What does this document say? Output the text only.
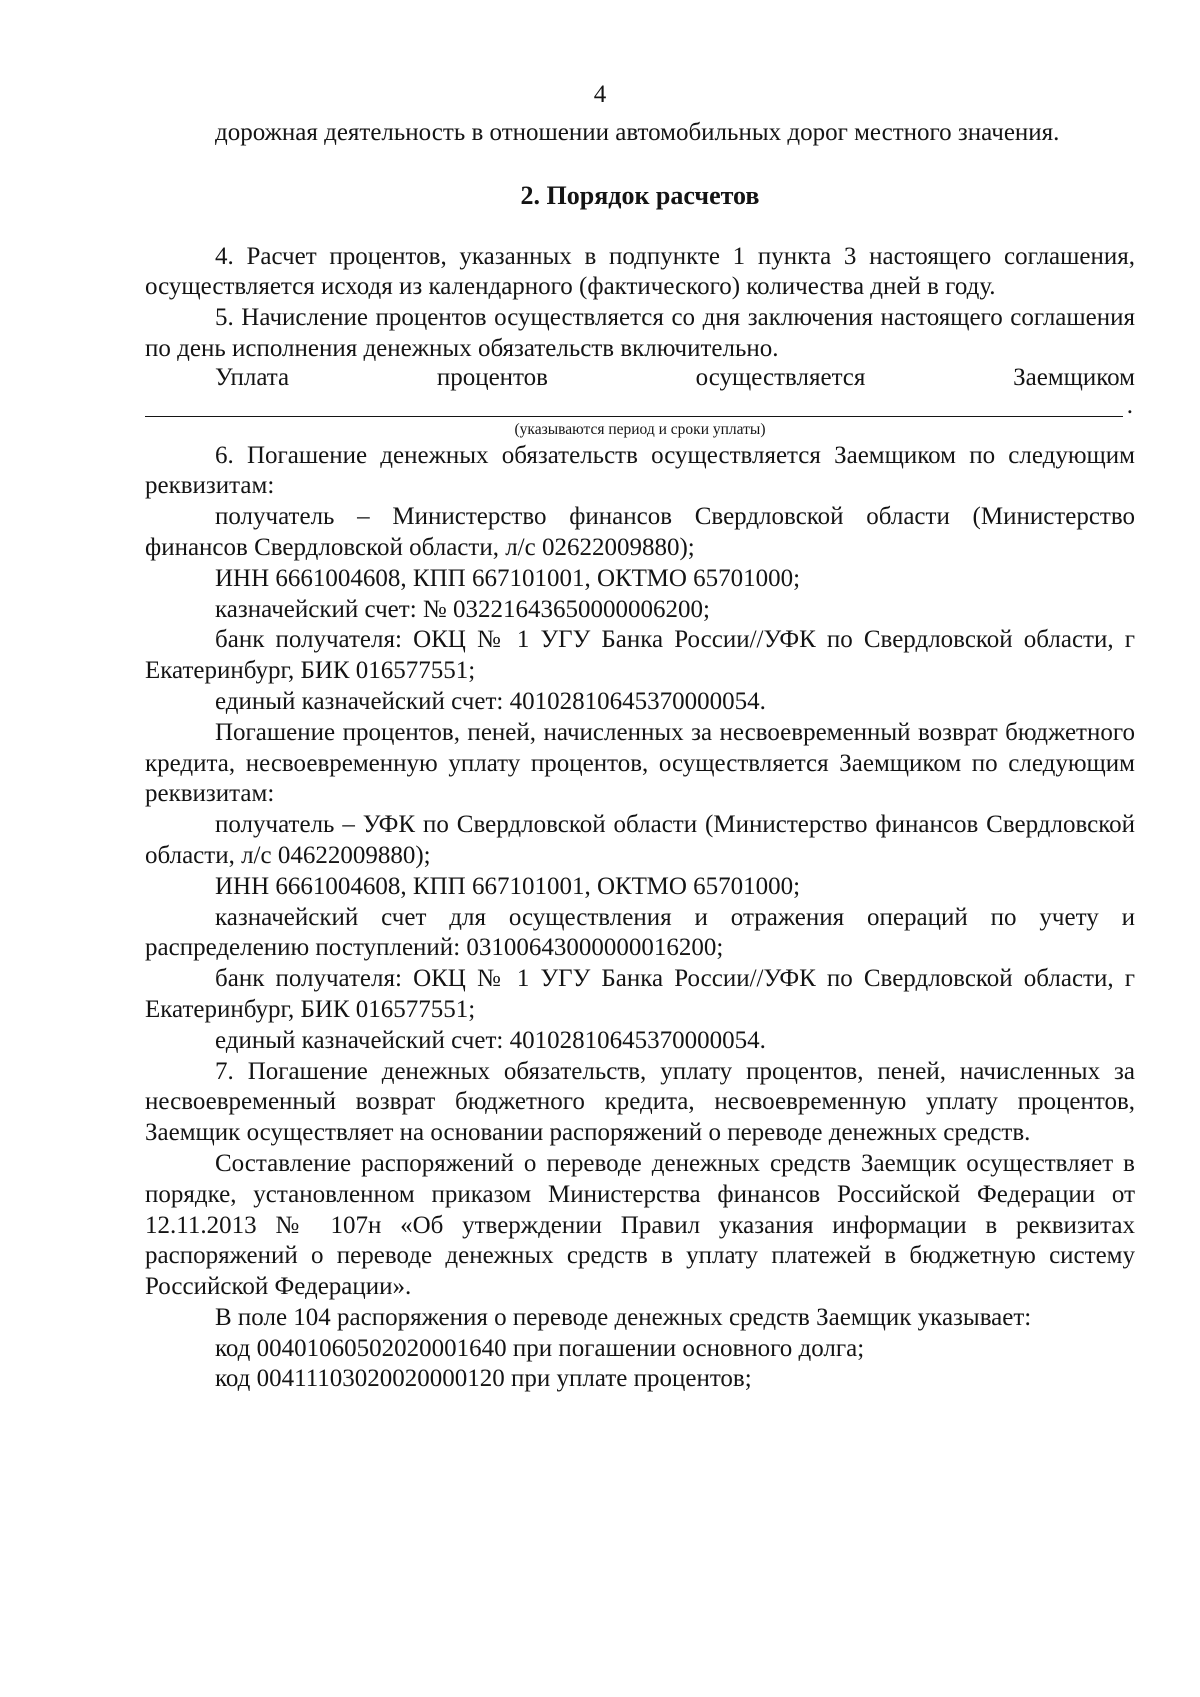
4

дорожная деятельность в отношении автомобильных дорог местного значения.

2. Порядок расчетов

4. Расчет процентов, указанных в подпункте 1 пункта 3 настоящего соглашения, осуществляется исходя из календарного (фактического) количества дней в году.

5. Начисление процентов осуществляется со дня заключения настоящего соглашения по день исполнения денежных обязательств включительно.

Уплата	процентов	осуществляется	Заемщиком
.
(указываются период и сроки уплаты)

6. Погашение денежных обязательств осуществляется Заемщиком по следующим реквизитам:

получатель – Министерство финансов Свердловской области (Министерство финансов Свердловской области, л/с 02622009880);

ИНН 6661004608, КПП 667101001, ОКТМО 65701000;

казначейский счет: № 03221643650000006200;

банк получателя: ОКЦ № 1 УГУ Банка России//УФК по Свердловской области, г Екатеринбург, БИК 016577551;

единый казначейский счет: 40102810645370000054.

Погашение процентов, пеней, начисленных за несвоевременный возврат бюджетного кредита, несвоевременную уплату процентов, осуществляется Заемщиком по следующим реквизитам:

получатель – УФК по Свердловской области (Министерство финансов Свердловской области, л/с 04622009880);

ИНН 6661004608, КПП 667101001, ОКТМО 65701000;

казначейский счет для осуществления и отражения операций по учету и распределению поступлений: 03100643000000016200;

банк получателя: ОКЦ № 1 УГУ Банка России//УФК по Свердловской области, г Екатеринбург, БИК 016577551;

единый казначейский счет: 40102810645370000054.

7. Погашение денежных обязательств, уплату процентов, пеней, начисленных за несвоевременный возврат бюджетного кредита, несвоевременную уплату процентов, Заемщик осуществляет на основании распоряжений о переводе денежных средств.

Составление распоряжений о переводе денежных средств Заемщик осуществляет в порядке, установленном приказом Министерства финансов Российской Федерации от 12.11.2013 № 107н «Об утверждении Правил указания информации в реквизитах распоряжений о переводе денежных средств в уплату платежей в бюджетную систему Российской Федерации».

В поле 104 распоряжения о переводе денежных средств Заемщик указывает:

код 00401060502020001640 при погашении основного долга;

код 00411103020020000120 при уплате процентов;
